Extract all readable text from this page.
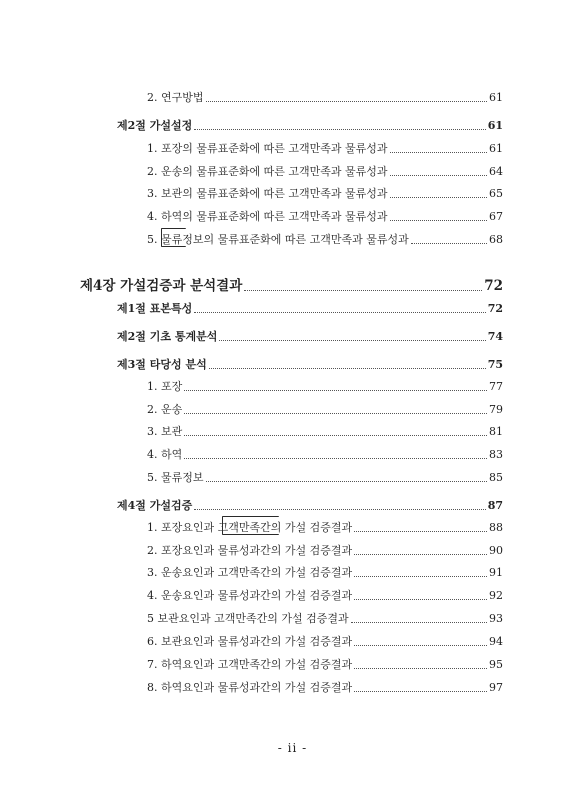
2. 연구방법	61
제2절 가설설정	61
1. 포장의 물류표준화에 따른 고객만족과 물류성과	61
2. 운송의 물류표준화에 따른 고객만족과 물류성과	64
3. 보관의 물류표준화에 따른 고객만족과 물류성과	65
4. 하역의 물류표준화에 따른 고객만족과 물류성과	67
5. 물류정보의 물류표준화에 따른 고객만족과 물류성과	68
제4장 가설검증과 분석결과	72
제1절 표본특성	72
제2절 기초 통계분석	74
제3절 타당성 분석	75
1. 포장	77
2. 운송	79
3. 보관	81
4. 하역	83
5. 물류정보	85
제4절 가설검증	87
1. 포장요인과 고객만족간의 가설 검증결과	88
2. 포장요인과 물류성과간의 가설 검증결과	90
3. 운송요인과 고객만족간의 가설 검증결과	91
4. 운송요인과 물류성과간의 가설 검증결과	92
5 보관요인과 고객만족간의 가설 검증결과	93
6. 보관요인과 물류성과간의 가설 검증결과	94
7. 하역요인과 고객만족간의 가설 검증결과	95
8. 하역요인과 물류성과간의 가설 검증결과	97
- ii -
